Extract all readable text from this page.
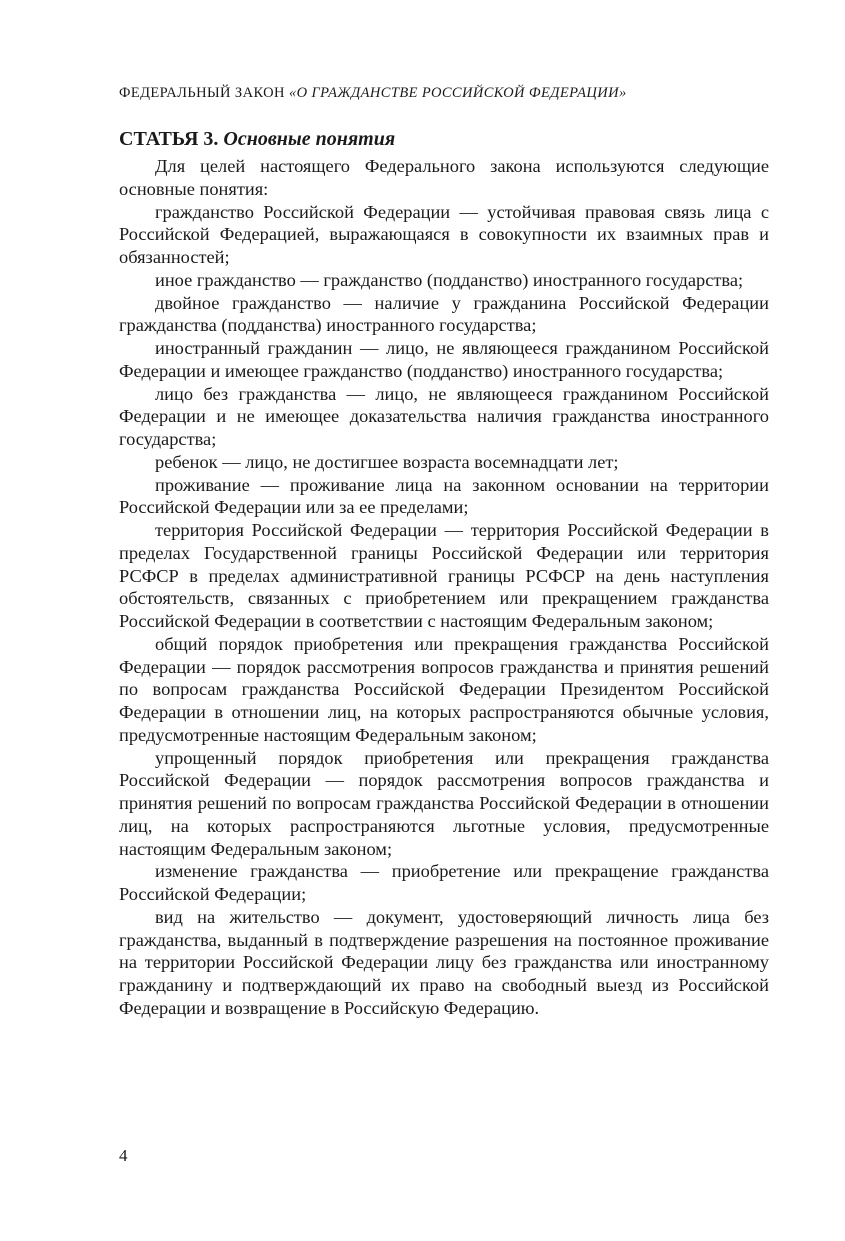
ФЕДЕРАЛЬНЫЙ ЗАКОН «О ГРАЖДАНСТВЕ РОССИЙСКОЙ ФЕДЕРАЦИИ»
СТАТЬЯ 3. Основные понятия

Для целей настоящего Федерального закона используются следующие основные понятия:

гражданство Российской Федерации — устойчивая правовая связь лица с Российской Федерацией, выражающаяся в совокупности их взаимных прав и обязанностей;

иное гражданство — гражданство (подданство) иностранного государства;

двойное гражданство — наличие у гражданина Российской Федерации гражданства (подданства) иностранного государства;

иностранный гражданин — лицо, не являющееся гражданином Российской Федерации и имеющее гражданство (подданство) иностранного государства;

лицо без гражданства — лицо, не являющееся гражданином Российской Федерации и не имеющее доказательства наличия гражданства иностранного государства;

ребенок — лицо, не достигшее возраста восемнадцати лет;

проживание — проживание лица на законном основании на территории Российской Федерации или за ее пределами;

территория Российской Федерации — территория Российской Федерации в пределах Государственной границы Российской Федерации или территория РСФСР в пределах административной границы РСФСР на день наступления обстоятельств, связанных с приобретением или прекращением гражданства Российской Федерации в соответствии с настоящим Федеральным законом;

общий порядок приобретения или прекращения гражданства Российской Федерации — порядок рассмотрения вопросов гражданства и принятия решений по вопросам гражданства Российской Федерации Президентом Российской Федерации в отношении лиц, на которых распространяются обычные условия, предусмотренные настоящим Федеральным законом;

упрощенный порядок приобретения или прекращения гражданства Российской Федерации — порядок рассмотрения вопросов гражданства и принятия решений по вопросам гражданства Российской Федерации в отношении лиц, на которых распространяются льготные условия, предусмотренные настоящим Федеральным законом;

изменение гражданства — приобретение или прекращение гражданства Российской Федерации;

вид на жительство — документ, удостоверяющий личность лица без гражданства, выданный в подтверждение разрешения на постоянное проживание на территории Российской Федерации лицу без гражданства или иностранному гражданину и подтверждающий их право на свободный выезд из Российской Федерации и возвращение в Российскую Федерацию.

4
